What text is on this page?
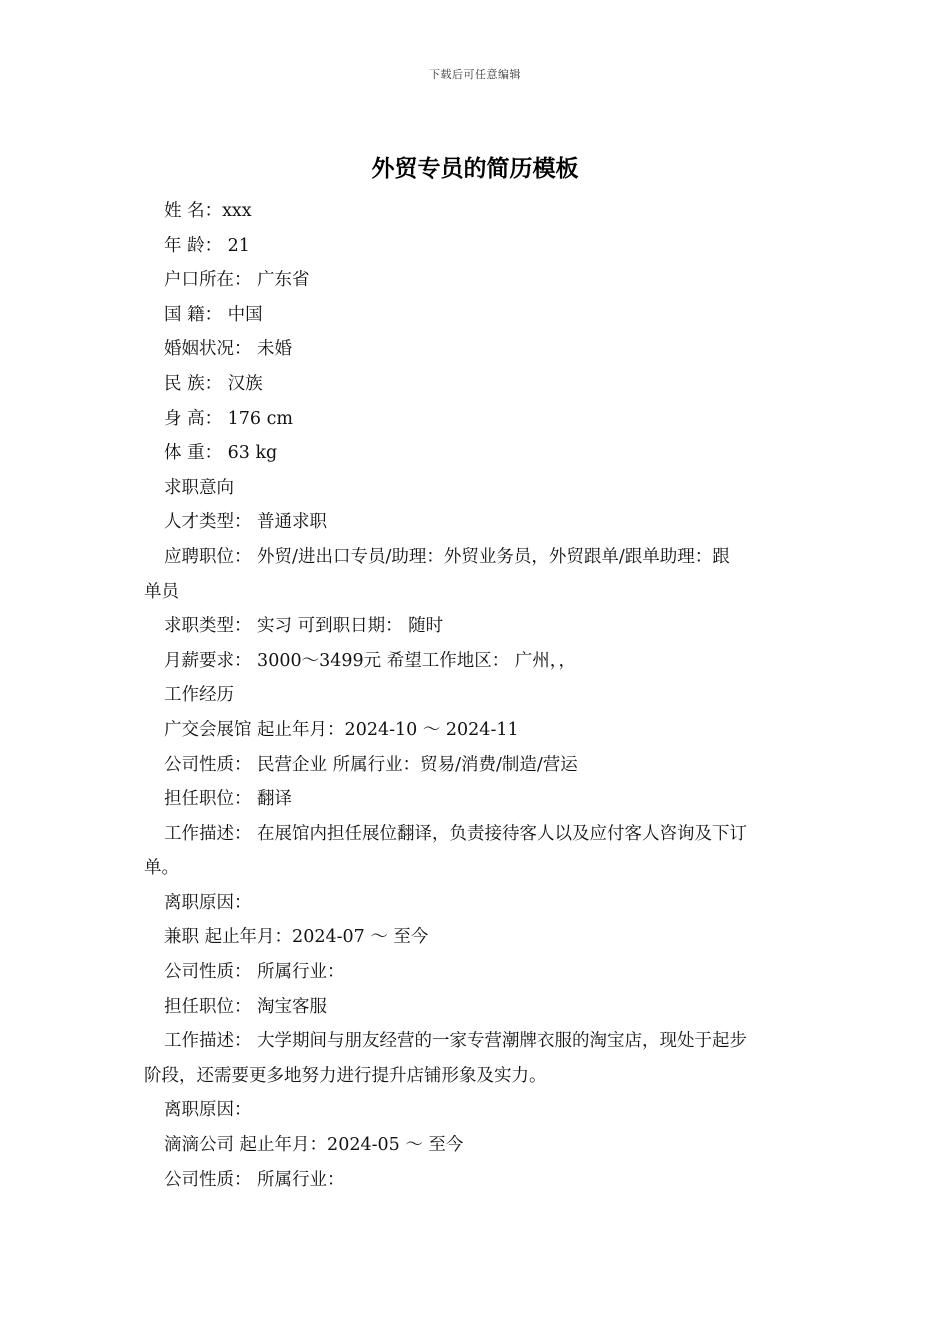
下载后可任意编辑
外贸专员的简历模板
姓 名：xxx
年 龄： 21
户口所在： 广东省
国 籍： 中国
婚姻状况： 未婚
民 族： 汉族
身 高： 176 cm
体 重： 63 kg
求职意向
人才类型： 普通求职
应聘职位： 外贸/进出口专员/助理：外贸业务员，外贸跟单/跟单助理：跟
单员
求职类型： 实习 可到职日期： 随时
月薪要求： 3000～3499元 希望工作地区： 广州，，
工作经历
广交会展馆 起止年月：2024-10 ～ 2024-11
公司性质： 民营企业 所属行业：贸易/消费/制造/营运
担任职位： 翻译
工作描述： 在展馆内担任展位翻译，负责接待客人以及应付客人咨询及下订
单。
离职原因：
兼职 起止年月：2024-07 ～ 至今
公司性质： 所属行业：
担任职位： 淘宝客服
工作描述： 大学期间与朋友经营的一家专营潮牌衣服的淘宝店，现处于起步
阶段，还需要更多地努力进行提升店铺形象及实力。
离职原因：
滴滴公司 起止年月：2024-05 ～ 至今
公司性质： 所属行业：
